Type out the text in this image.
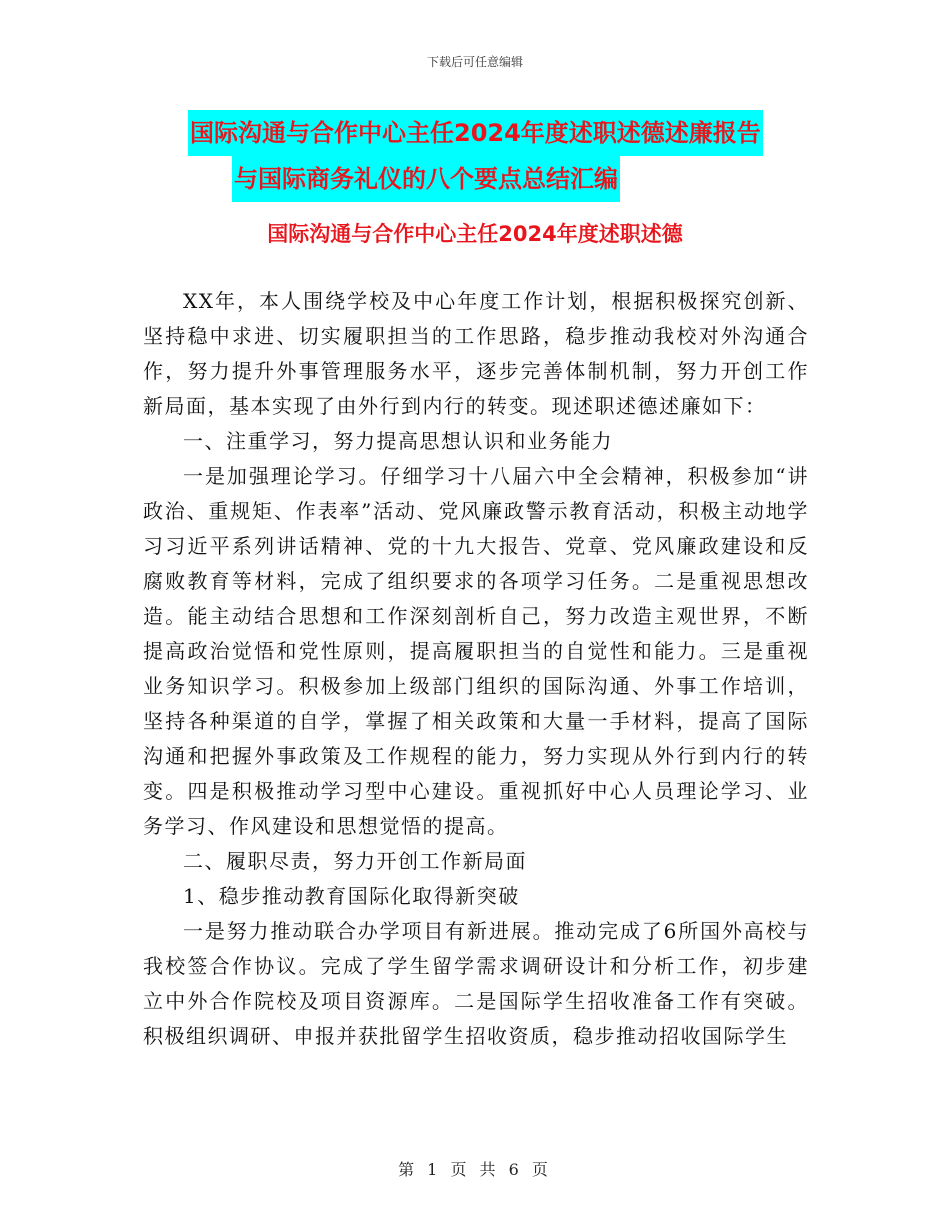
下载后可任意编辑
国际沟通与合作中心主任2024年度述职述德述廉报告
与国际商务礼仪的八个要点总结汇编
国际沟通与合作中心主任2024年度述职述德

XX年，本人围绕学校及中心年度工作计划，根据积极探究创新、坚持稳中求进、切实履职担当的工作思路，稳步推动我校对外沟通合作，努力提升外事管理服务水平，逐步完善体制机制，努力开创工作新局面，基本实现了由外行到内行的转变。现述职述德述廉如下：

一、注重学习，努力提高思想认识和业务能力

一是加强理论学习。仔细学习十八届六中全会精神，积极参加“讲政治、重规矩、作表率”活动、党风廉政警示教育活动，积极主动地学习习近平系列讲话精神、党的十九大报告、党章、党风廉政建设和反腐败教育等材料，完成了组织要求的各项学习任务。二是重视思想改造。能主动结合思想和工作深刻剖析自己，努力改造主观世界，不断提高政治觉悟和党性原则，提高履职担当的自觉性和能力。三是重视业务知识学习。积极参加上级部门组织的国际沟通、外事工作培训，坚持各种渠道的自学，掌握了相关政策和大量一手材料，提高了国际沟通和把握外事政策及工作规程的能力，努力实现从外行到内行的转变。四是积极推动学习型中心建设。重视抓好中心人员理论学习、业务学习、作风建设和思想觉悟的提高。

二、履职尽责，努力开创工作新局面

1、稳步推动教育国际化取得新突破

一是努力推动联合办学项目有新进展。推动完成了6所国外高校与我校签合作协议。完成了学生留学需求调研设计和分析工作，初步建立中外合作院校及项目资源库。二是国际学生招收准备工作有突破。积极组织调研、申报并获批留学生招收资质，稳步推动招收国际学生

第 1 页 共 6 页
